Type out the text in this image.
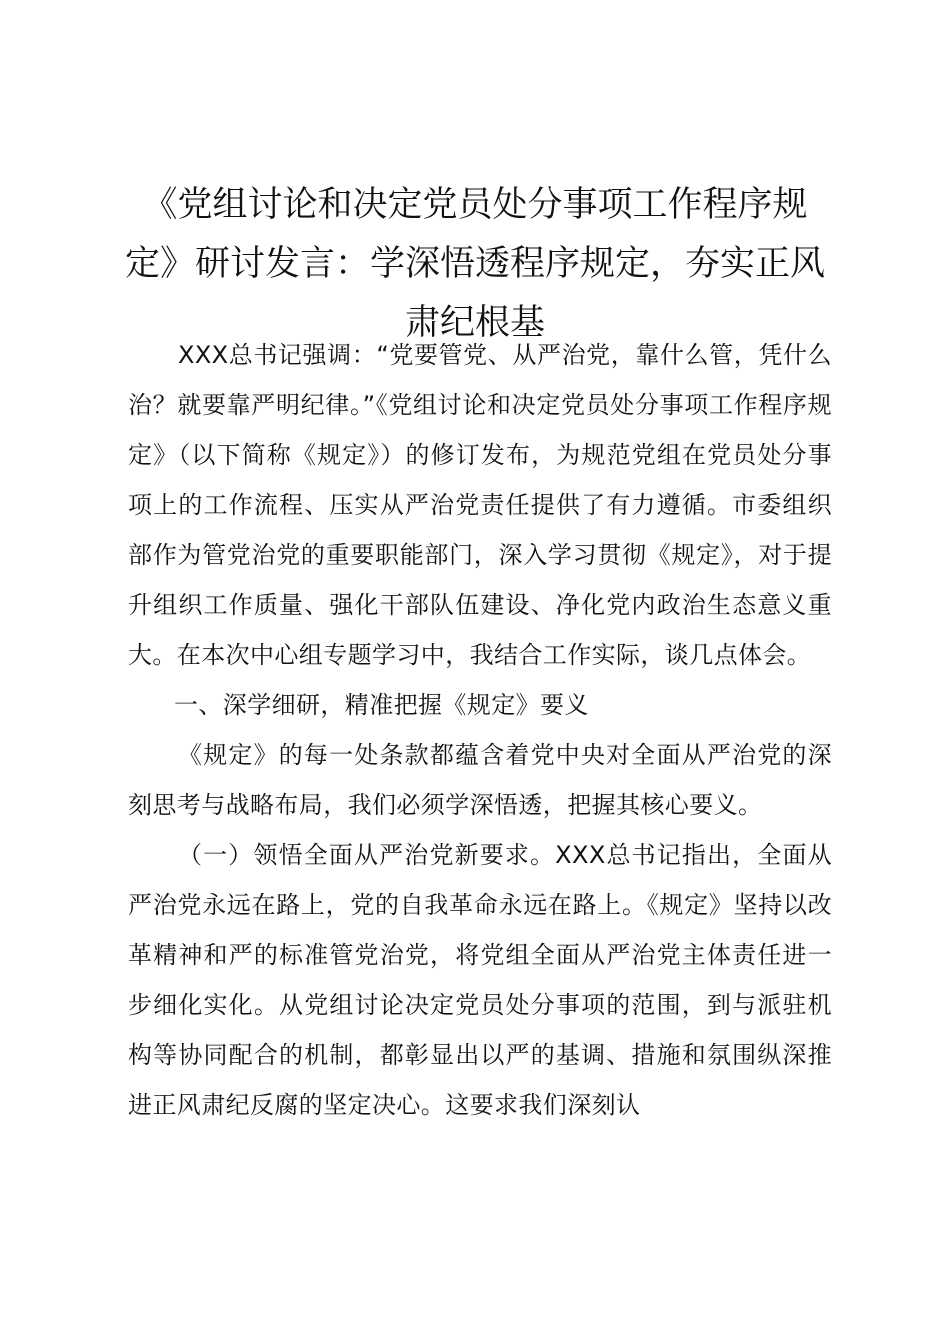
《党组讨论和决定党员处分事项工作程序规定》研讨发言：学深悟透程序规定，夯实正风肃纪根基

XXX总书记强调：“党要管党、从严治党，靠什么管，凭什么治？就要靠严明纪律。”《党组讨论和决定党员处分事项工作程序规定》（以下简称《规定》）的修订发布，为规范党组在党员处分事项上的工作流程、压实从严治党责任提供了有力遵循。市委组织部作为管党治党的重要职能部门，深入学习贯彻《规定》，对于提升组织工作质量、强化干部队伍建设、净化党内政治生态意义重大。在本次中心组专题学习中，我结合工作实际，谈几点体会。

一、深学细研，精准把握《规定》要义

《规定》的每一处条款都蕴含着党中央对全面从严治党的深刻思考与战略布局，我们必须学深悟透，把握其核心要义。

（一）领悟全面从严治党新要求。XXX总书记指出，全面从严治党永远在路上，党的自我革命永远在路上。《规定》坚持以改革精神和严的标准管党治党，将党组全面从严治党主体责任进一步细化实化。从党组讨论决定党员处分事项的范围，到与派驻机构等协同配合的机制，都彰显出以严的基调、措施和氛围纵深推进正风肃纪反腐的坚定决心。这要求我们深刻认
